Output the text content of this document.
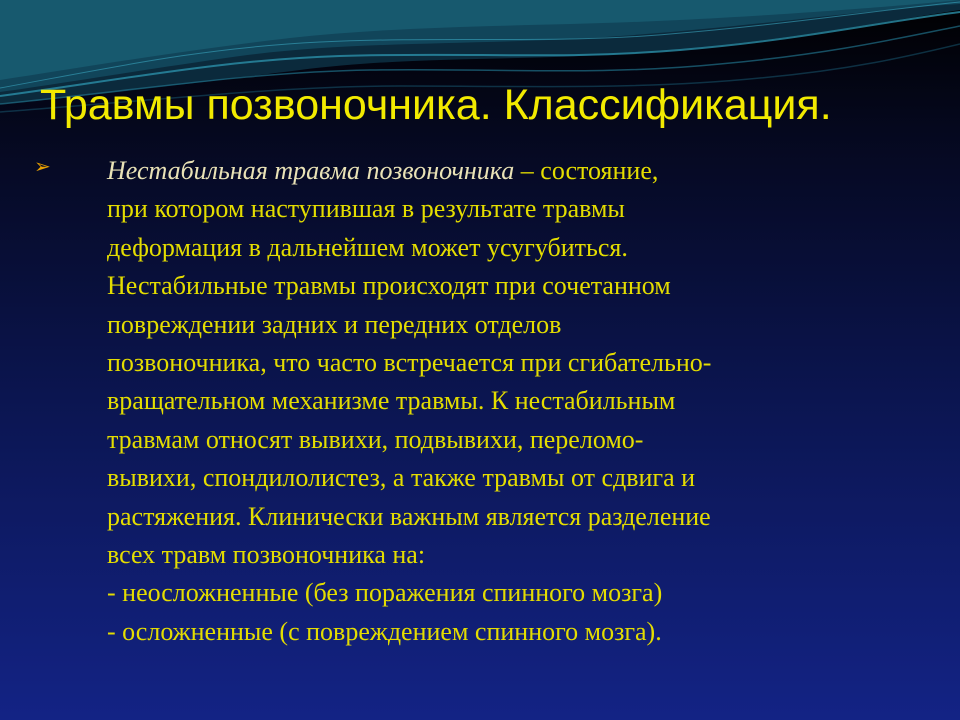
Травмы позвоночника. Классификация.
➢	Нестабильная травма позвоночника – состояние,
при котором наступившая в результате травмы
деформация в дальнейшем может усугубиться.
Нестабильные травмы происходят при сочетанном
повреждении задних и передних отделов
позвоночника, что часто встречается при сгибательно-
вращательном механизме травмы. К нестабильным
травмам относят вывихи, подвывихи, переломо-
вывихи, спондилолистез, а также травмы от сдвига и
растяжения. Клинически важным является разделение
всех травм позвоночника на:
- неосложненные (без поражения спинного мозга)
- осложненные (с повреждением спинного мозга).
